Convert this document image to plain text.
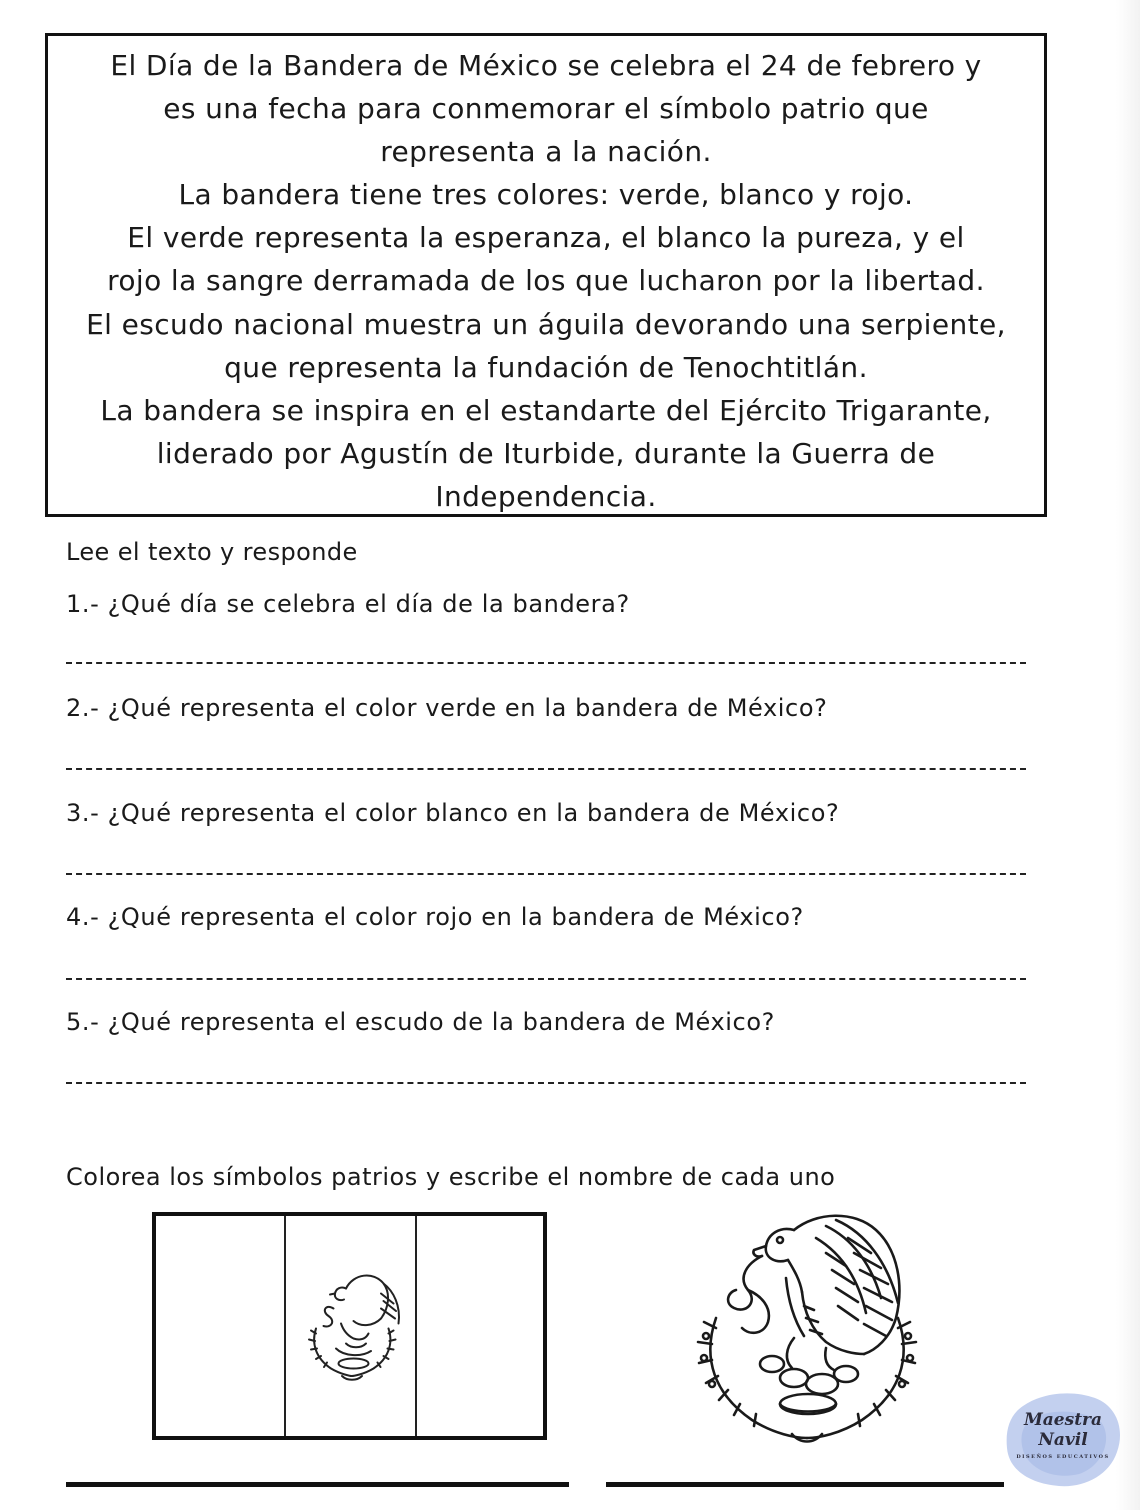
El Día de la Bandera de México se celebra el 24 de febrero y
es una fecha para conmemorar el símbolo patrio que
representa a la nación.
La bandera tiene tres colores: verde, blanco y rojo.
El verde representa la esperanza, el blanco la pureza, y el
rojo la sangre derramada de los que lucharon por la libertad.
El escudo nacional muestra un águila devorando una serpiente,
que representa la fundación de Tenochtitlán.
La bandera se inspira en el estandarte del Ejército Trigarante,
liderado por Agustín de Iturbide, durante la Guerra de
Independencia.
Lee el texto y responde
1.- ¿Qué día se celebra el día de la bandera?
2.- ¿Qué representa el color verde en la bandera de México?
3.- ¿Qué representa el color blanco en la bandera de México?
4.- ¿Qué representa el color rojo en la bandera de México?
5.- ¿Qué representa el escudo de la bandera de México?
Colorea los símbolos patrios y escribe el nombre de cada uno
Maestra
Navil
DISEÑOS EDUCATIVOS
